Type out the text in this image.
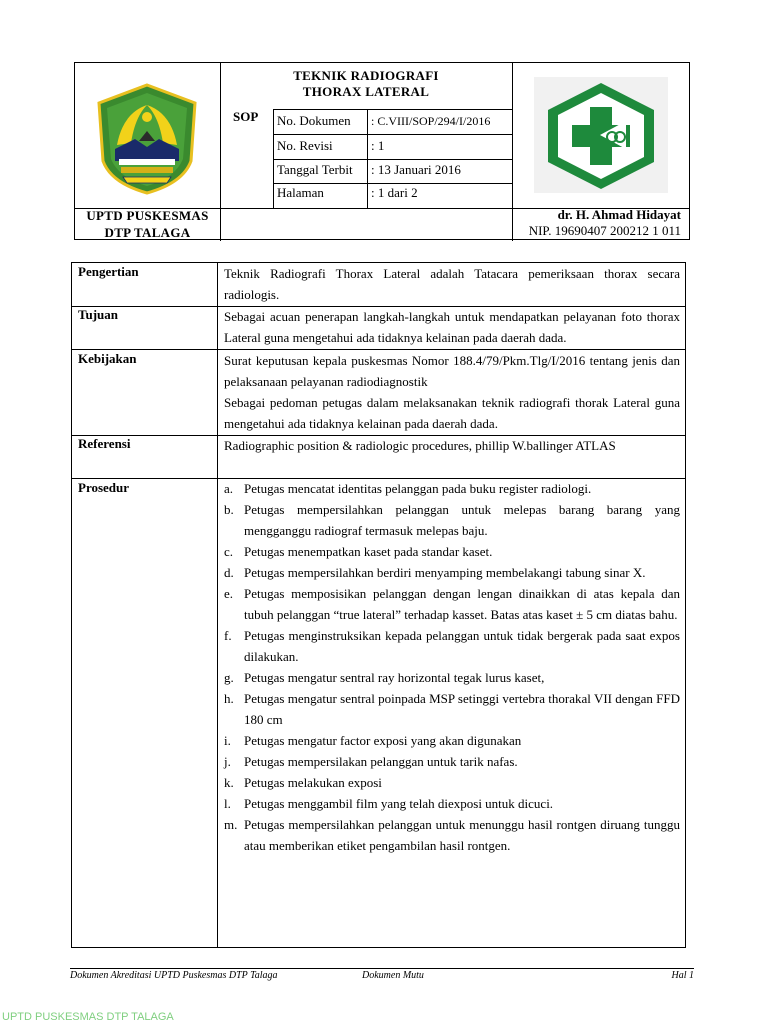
TEKNIK RADIOGRAFI
THORAX LATERAL
SOP No. Dokumen : C.VIII/SOP/294/I/2016
No. Revisi	: 1
Tanggal Terbit : 13 Januari 2016
Halaman	: 1 dari 2
UPTD PUSKESMAS
DTP TALAGA
dr. H. Ahmad Hidayat
NIP. 19690407 200212 1 011
Pengertian	Teknik Radiografi Thorax Lateral adalah Tatacara pemeriksaan thorax secara radiologis.
Tujuan	Sebagai acuan penerapan langkah-langkah untuk mendapatkan pelayanan foto thorax Lateral guna mengetahui ada tidaknya kelainan pada daerah dada.
Kebijakan	Surat keputusan kepala puskesmas Nomor 188.4/79/Pkm.Tlg/I/2016 tentang jenis dan pelaksanaan pelayanan radiodiagnostik
Sebagai pedoman petugas dalam melaksanakan teknik radiografi thorak Lateral guna mengetahui ada tidaknya kelainan pada daerah dada.
Referensi	Radiographic position & radiologic procedures, phillip W.ballinger ATLAS
Prosedur	a. Petugas mencatat identitas pelanggan pada buku register radiologi.
b. Petugas mempersilahkan pelanggan untuk melepas barang barang yang mengganggu radiograf termasuk melepas baju.
c. Petugas menempatkan kaset pada standar kaset.
d. Petugas mempersilahkan berdiri menyamping membelakangi tabung sinar X.
e. Petugas memposisikan pelanggan dengan lengan dinaikkan di atas kepala dan tubuh pelanggan “true lateral” terhadap kasset. Batas atas kaset ± 5 cm diatas bahu.
f. Petugas menginstruksikan kepada pelanggan untuk tidak bergerak pada saat expos dilakukan.
g. Petugas mengatur sentral ray horizontal tegak lurus kaset,
h. Petugas mengatur sentral poinpada MSP setinggi vertebra thorakal VII dengan FFD 180 cm
i. Petugas mengatur factor exposi yang akan digunakan
j. Petugas mempersilakan pelanggan untuk tarik nafas.
k. Petugas melakukan exposi
l. Petugas menggambil film yang telah diexposi untuk dicuci.
m. Petugas mempersilahkan pelanggan untuk menunggu hasil rontgen diruang tunggu atau memberikan etiket pengambilan hasil rontgen.
Dokumen Akreditasi UPTD Puskesmas DTP Talaga	Dokumen Mutu	Hal 1
UPTD PUSKESMAS DTP TALAGA
